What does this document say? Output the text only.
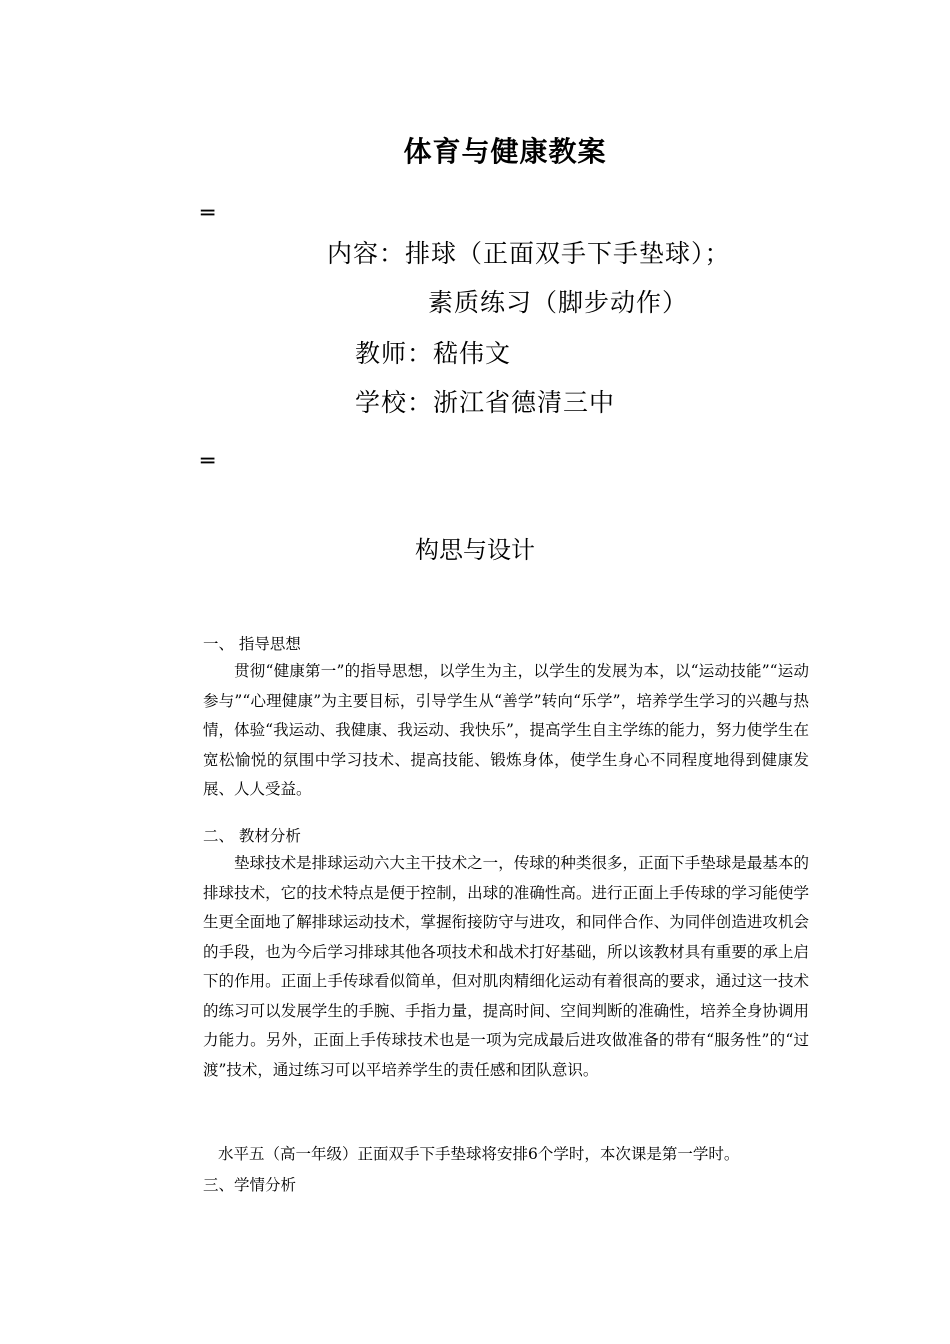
体育与健康教案
═
内容：排球（正面双手下手垫球）；
素质练习（脚步动作）
教师：嵇伟文
学校：浙江省德清三中
═
构思与设计
一、 指导思想

贯彻“健康第一”的指导思想，以学生为主，以学生的发展为本，以“运动技能”“运动参与”“心理健康”为主要目标，引导学生从“善学”转向“乐学”，培养学生学习的兴趣与热情，体验“我运动、我健康、我运动、我快乐”，提高学生自主学练的能力，努力使学生在宽松愉悦的氛围中学习技术、提高技能、锻炼身体，使学生身心不同程度地得到健康发展、人人受益。

二、 教材分析

垫球技术是排球运动六大主干技术之一，传球的种类很多，正面下手垫球是最基本的排球技术，它的技术特点是便于控制，出球的准确性高。进行正面上手传球的学习能使学生更全面地了解排球运动技术，掌握衔接防守与进攻，和同伴合作、为同伴创造进攻机会的手段，也为今后学习排球其他各项技术和战术打好基础，所以该教材具有重要的承上启下的作用。正面上手传球看似简单，但对肌肉精细化运动有着很高的要求，通过这一技术的练习可以发展学生的手腕、手指力量，提高时间、空间判断的准确性，培养全身协调用力能力。另外，正面上手传球技术也是一项为完成最后进攻做准备的带有“服务性”的“过渡”技术，通过练习可以平培养学生的责任感和团队意识。

水平五（高一年级）正面双手下手垫球将安排6个学时，本次课是第一学时。
三、学情分析
